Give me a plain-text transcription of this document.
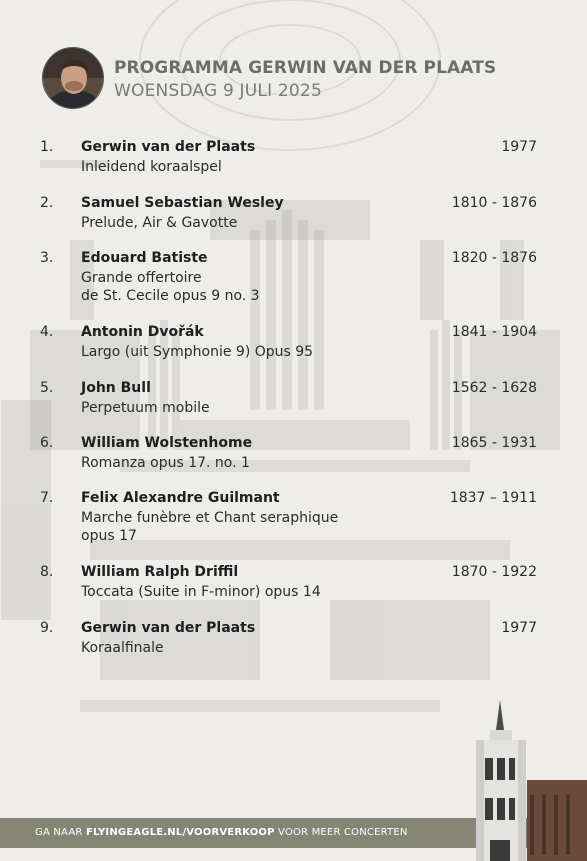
PROGRAMMA GERWIN VAN DER PLAATS
WOENSDAG 9 JULI 2025
1. Gerwin van der Plaats	1977
Inleidend koraalspel
2. Samuel Sebastian Wesley	1810 - 1876
Prelude, Air & Gavotte
3. Edouard Batiste	1820 - 1876
Grande offertoire
de St. Cecile opus 9 no. 3
4. Antonin Dvořák	1841 - 1904
Largo (uit Symphonie 9) Opus 95
5. John Bull	1562 - 1628
Perpetuum mobile
6. William Wolstenhome	1865 - 1931
Romanza opus 17. no. 1
7. Felix Alexandre Guilmant	1837 – 1911
Marche funèbre et Chant seraphique
opus 17
8. William Ralph Driffil	1870 - 1922
Toccata (Suite in F-minor) opus 14
9. Gerwin van der Plaats	1977
Koraalfinale
GA NAAR FLYINGEAGLE.NL/VOORVERKOOP VOOR MEER CONCERTEN
